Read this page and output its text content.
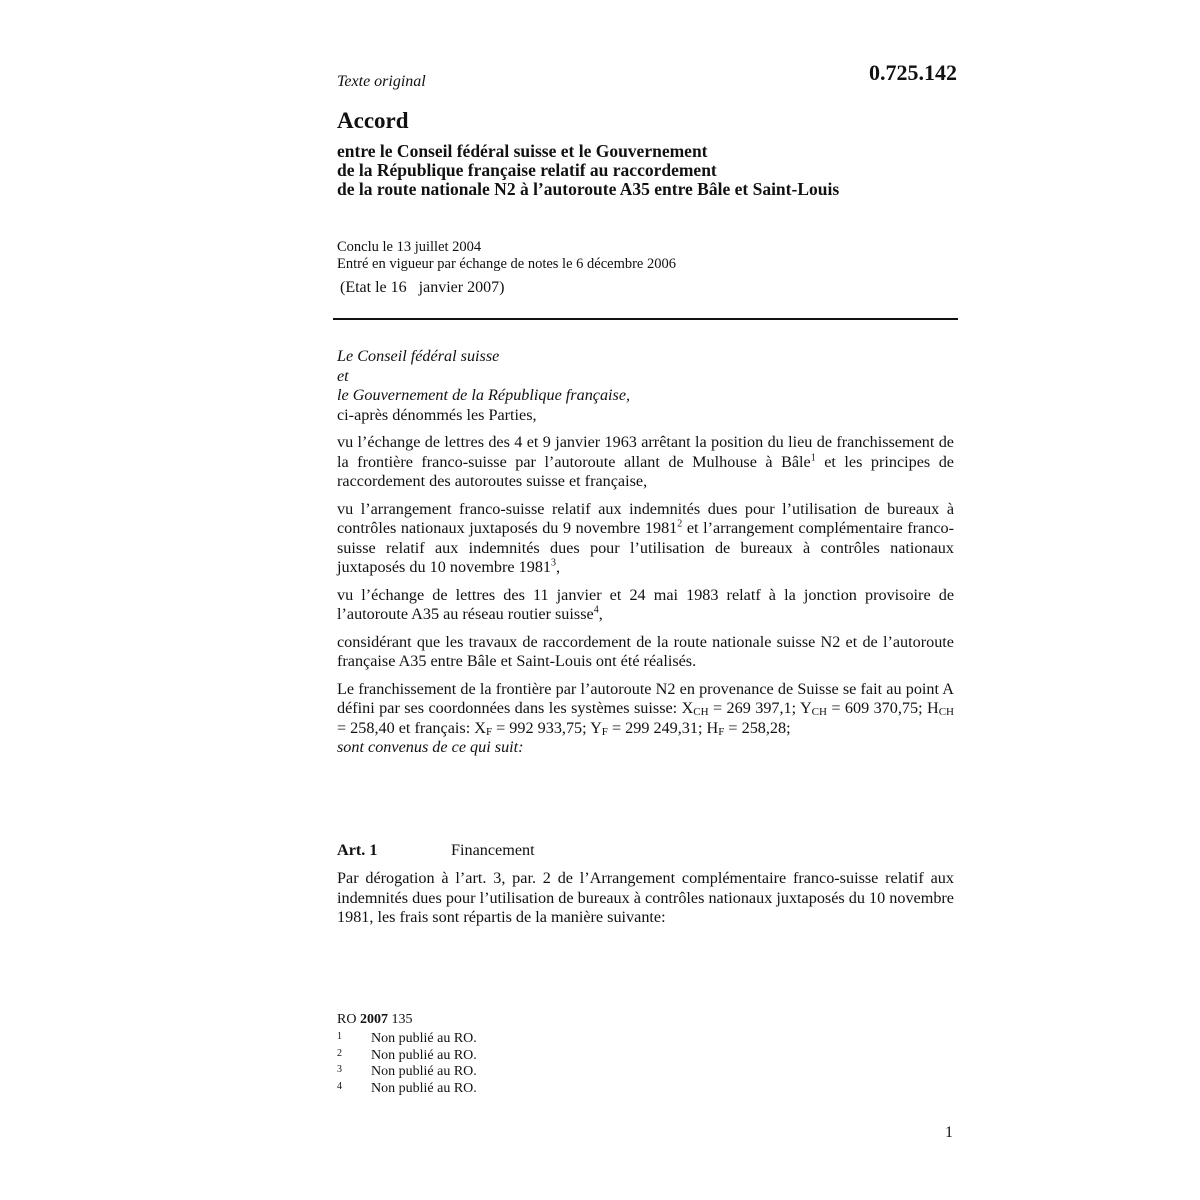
Texte original	0.725.142
Accord
entre le Conseil fédéral suisse et le Gouvernement
de la République française relatif au raccordement
de la route nationale N2 à l’autoroute A35 entre Bâle et Saint-Louis
Conclu le 13 juillet 2004
Entré en vigueur par échange de notes le 6 décembre 2006
(Etat le 16   janvier 2007)

Le Conseil fédéral suisse

et

le Gouvernement de la République française,

ci-après dénommés les Parties,

vu l’échange de lettres des 4 et 9 janvier 1963 arrêtant la position du lieu de franchissement de la frontière franco-suisse par l’autoroute allant de Mulhouse à Bâle$^1$ et les principes de raccordement des autoroutes suisse et française,

vu l’arrangement franco-suisse relatif aux indemnités dues pour l’utilisation de bureaux à contrôles nationaux juxtaposés du 9 novembre 1981$^2$ et l’arrangement complémentaire franco-suisse relatif aux indemnités dues pour l’utilisation de bureaux à contrôles nationaux juxtaposés du 10 novembre 1981$^3$,

vu l’échange de lettres des 11 janvier et 24 mai 1983 relatf à la jonction provisoire de l’autoroute A35 au réseau routier suisse$^4$,

considérant que les travaux de raccordement de la route nationale suisse N2 et de l’autoroute française A35 entre Bâle et Saint-Louis ont été réalisés.

Le franchissement de la frontière par l’autoroute N2 en provenance de Suisse se fait au point A défini par ses coordonnées dans les systèmes suisse: $X_{CH} = 269$ 397,1; $Y_{CH} = 609$ 370,75; $H_{CH} = 258,40$ et français: $X_F = 992$ 933,75; $Y_F = 299$ 249,31; $H_F = 258,28$;

sont convenus de ce qui suit:

Art. 1	Financement

Par dérogation à l’art. 3, par. 2 de l’Arrangement complémentaire franco-suisse relatif aux indemnités dues pour l’utilisation de bureaux à contrôles nationaux juxtaposés du 10 novembre 1981, les frais sont répartis de la manière suivante:

RO 2007 135
1 Non publié au RO.
2 Non publié au RO.
3 Non publié au RO.
4 Non publié au RO.
1
